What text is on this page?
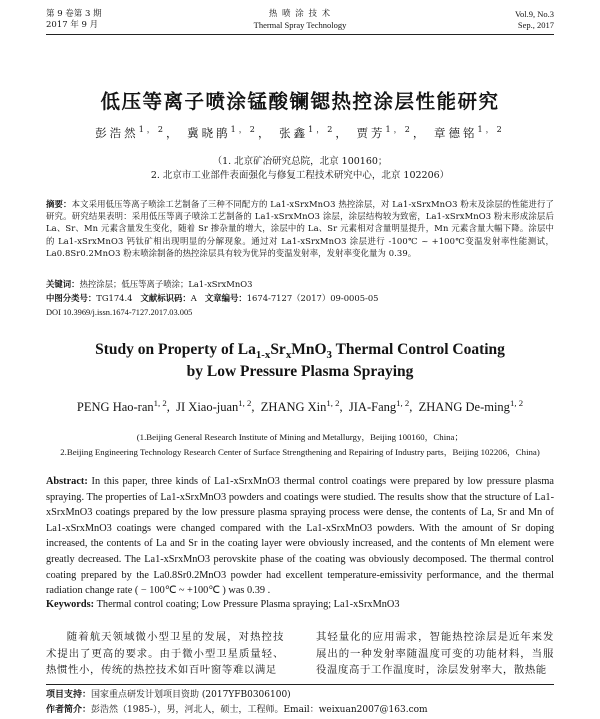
第 9 卷第 3 期
2017 年 9 月
热 喷 涂 技 术
Thermal Spray Technology
Vol.9, No.3
Sep., 2017
低压等离子喷涂锰酸镧锶热控涂层性能研究
彭浩然$^{1,2}$， 冀晓鹃$^{1,2}$， 张鑫$^{1,2}$， 贾芳$^{1,2}$， 章德铭$^{1,2}$
（1. 北京矿冶研究总院，北京 100160；
2. 北京市工业部件表面强化与修复工程技术研究中心，北京 102206）
摘要：本文采用低压等离子喷涂工艺制备了三种不同配方的 La1-xSrxMnO3 热控涂层，对 La1-xSrxMnO3 粉末及涂层的性能进行了研究。研究结果表明：采用低压等离子喷涂工艺制备的 La1-xSrxMnO3 涂层，涂层结构较为致密，La1-xSrxMnO3 粉末形成涂层后 La、Sr、Mn 元素含量发生变化，随着 Sr 掺杂量的增大，涂层中的 La、Sr 元素相对含量明显提升，Mn 元素含量大幅下降。涂层中的 La1-xSrxMnO3 钙钛矿相出现明显的分解现象。通过对 La1-xSrxMnO3 涂层进行 -100℃ ~ +100℃变温发射率性能测试，La0.8Sr0.2MnO3 粉末喷涂制备的热控涂层具有较为优异的变温发射率，发射率变化量为 0.39。
关键词：热控涂层；低压等离子喷涂；La1-xSrxMnO3
中图分类号：TG174.4 文献标识码：A 文章编号：1674-7127（2017）09-0005-05
DOI 10.3969/j.issn.1674-7127.2017.03.005
Study on Property of $La_{1-x}Sr_xMnO_3$ Thermal Control Coating
by Low Pressure Plasma Spraying
PENG Hao-ran$^{1, 2}$,  JI Xiao-juan$^{1, 2}$,  ZHANG Xin$^{1, 2}$,  JIA-Fang$^{1, 2}$,  ZHANG De-ming$^{1, 2}$
(1.Beijing General Research Institute of Mining and Metallurgy，Beijing 100160，China；
2.Beijing Engineering Technology Research Center of Surface Strengthening and Repairing of Industry parts，Beijing 102206，China)
Abstract: In this paper, three kinds of La1-xSrxMnO3 thermal control coatings were prepared by low pressure plasma spraying. The properties of La1-xSrxMnO3 powders and coatings were studied. The results show that the structure of La1-xSrxMnO3 coatings prepared by the low pressure plasma spraying process were dense, the contents of La, Sr and Mn of La1-xSrxMnO3 coatings were changed compared with the La1-xSrxMnO3 powders. With the amount of Sr doping increased, the contents of La and Sr in the coating layer were obviously increased, and the contents of Mn element were greatly decreased. The La1-xSrxMnO3 perovskite phase of the coating was obviously decomposed. The thermal control coating prepared by the La0.8Sr0.2MnO3 powder had excellent temperature-emissivity performance, and the thermal radiation change rate ( − 100℃ ~ +100℃ ) was 0.39 .
Keywords: Thermal control coating; Low Pressure Plasma spraying; La1-xSrxMnO3
随着航天领域微小型卫星的发展，对热控技术提出了更高的要求。由于微小型卫星质量轻、热惯性小，传统的热控技术如百叶窗等难以满足
其轻量化的应用需求，智能热控涂层是近年来发展出的一种发射率随温度可变的功能材料，当服役温度高于工作温度时，涂层发射率大，散热能
项目支持：国家重点研发计划项目资助 (2017YFB0306100)
作者简介：彭浩然（1985-），男，河北人，硕士，工程师。Email：weixuan2007@163.com
